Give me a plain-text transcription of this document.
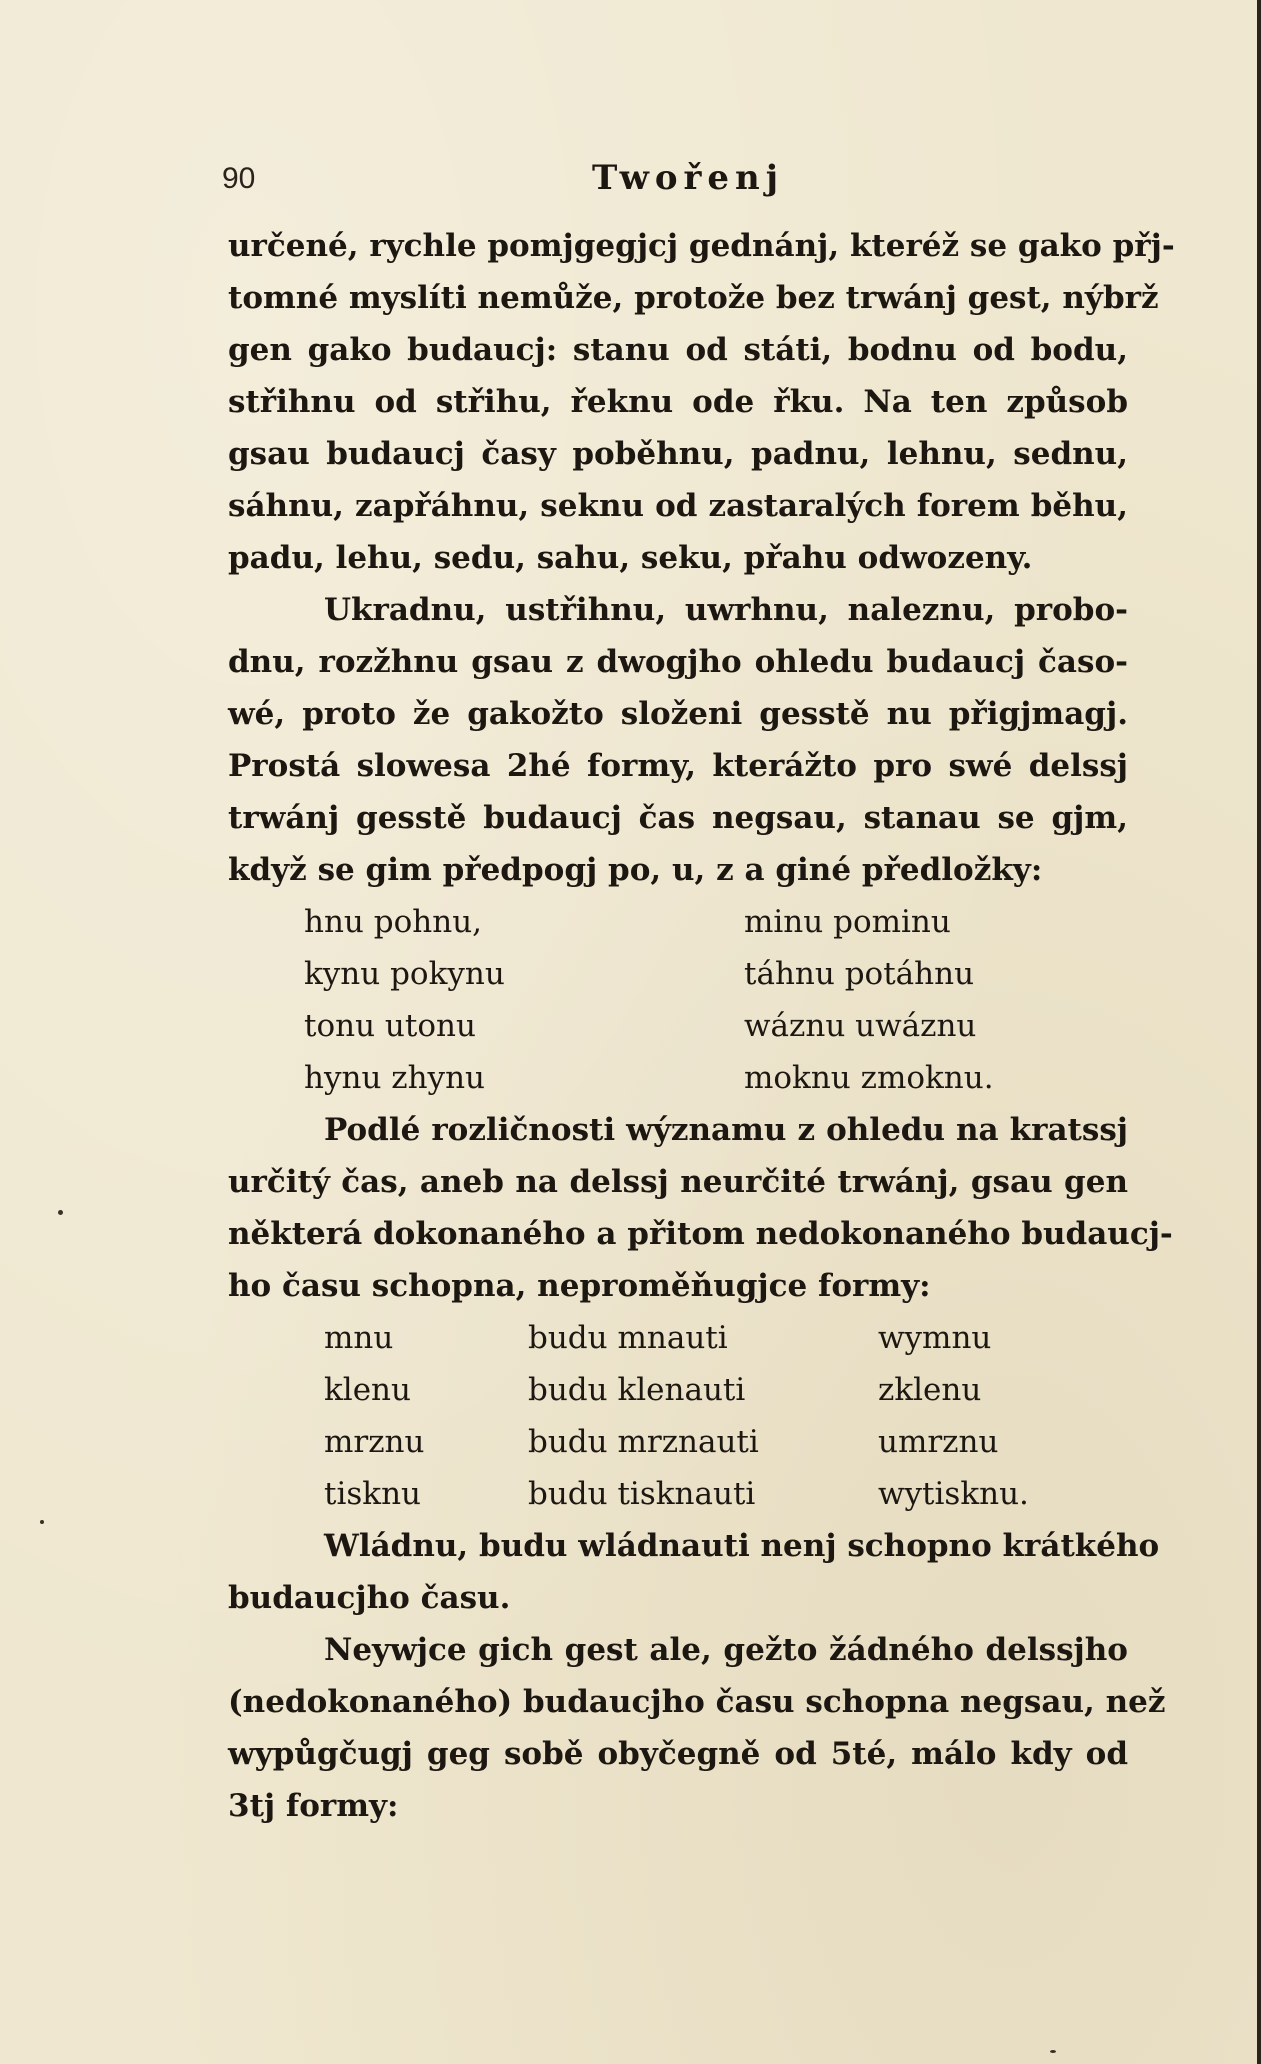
90	Twořenj
určené, rychle pomjgegjcj gednánj, kteréž se gako přj-
tomné myslíti nemůže, protože bez trwánj gest, nýbrž
gen gako budaucj: stanu od státi, bodnu od bodu,
střihnu od střihu, řeknu ode řku. Na ten způsob
gsau budaucj časy poběhnu, padnu, lehnu, sednu,
sáhnu, zapřáhnu, seknu od zastaralých forem běhu,
padu, lehu, sedu, sahu, seku, přahu odwozeny.
Ukradnu, ustřihnu, uwrhnu, naleznu, probo-
dnu, rozžhnu gsau z dwogjho ohledu budaucj časo-
wé, proto že gakožto složeni gesstě nu přigjmagj.
Prostá slowesa 2hé formy, kterážto pro swé delssj
trwánj gesstě budaucj čas negsau, stanau se gjm,
když se gim předpogj po, u, z a giné předložky:
hnu pohnu,	minu pominu
kynu pokynu	táhnu potáhnu
tonu utonu	wáznu uwáznu
hynu zhynu	moknu zmoknu.
Podlé rozličnosti wýznamu z ohledu na kratssj
určitý čas, aneb na delssj neurčité trwánj, gsau gen
některá dokonaného a přitom nedokonaného budaucj-
ho času schopna, neproměňugjce formy:
mnu	budu mnauti	wymnu
klenu	budu klenauti	zklenu
mrznu	budu mrznauti	umrznu
tisknu	budu tisknauti	wytisknu.
Wládnu, budu wládnauti nenj schopno krátkého
budaucjho času.
Neywjce gich gest ale, gežto žádného delssjho
(nedokonaného) budaucjho času schopna negsau, než
wypůgčugj geg sobě obyčegně od 5té, málo kdy od
3tj formy:
